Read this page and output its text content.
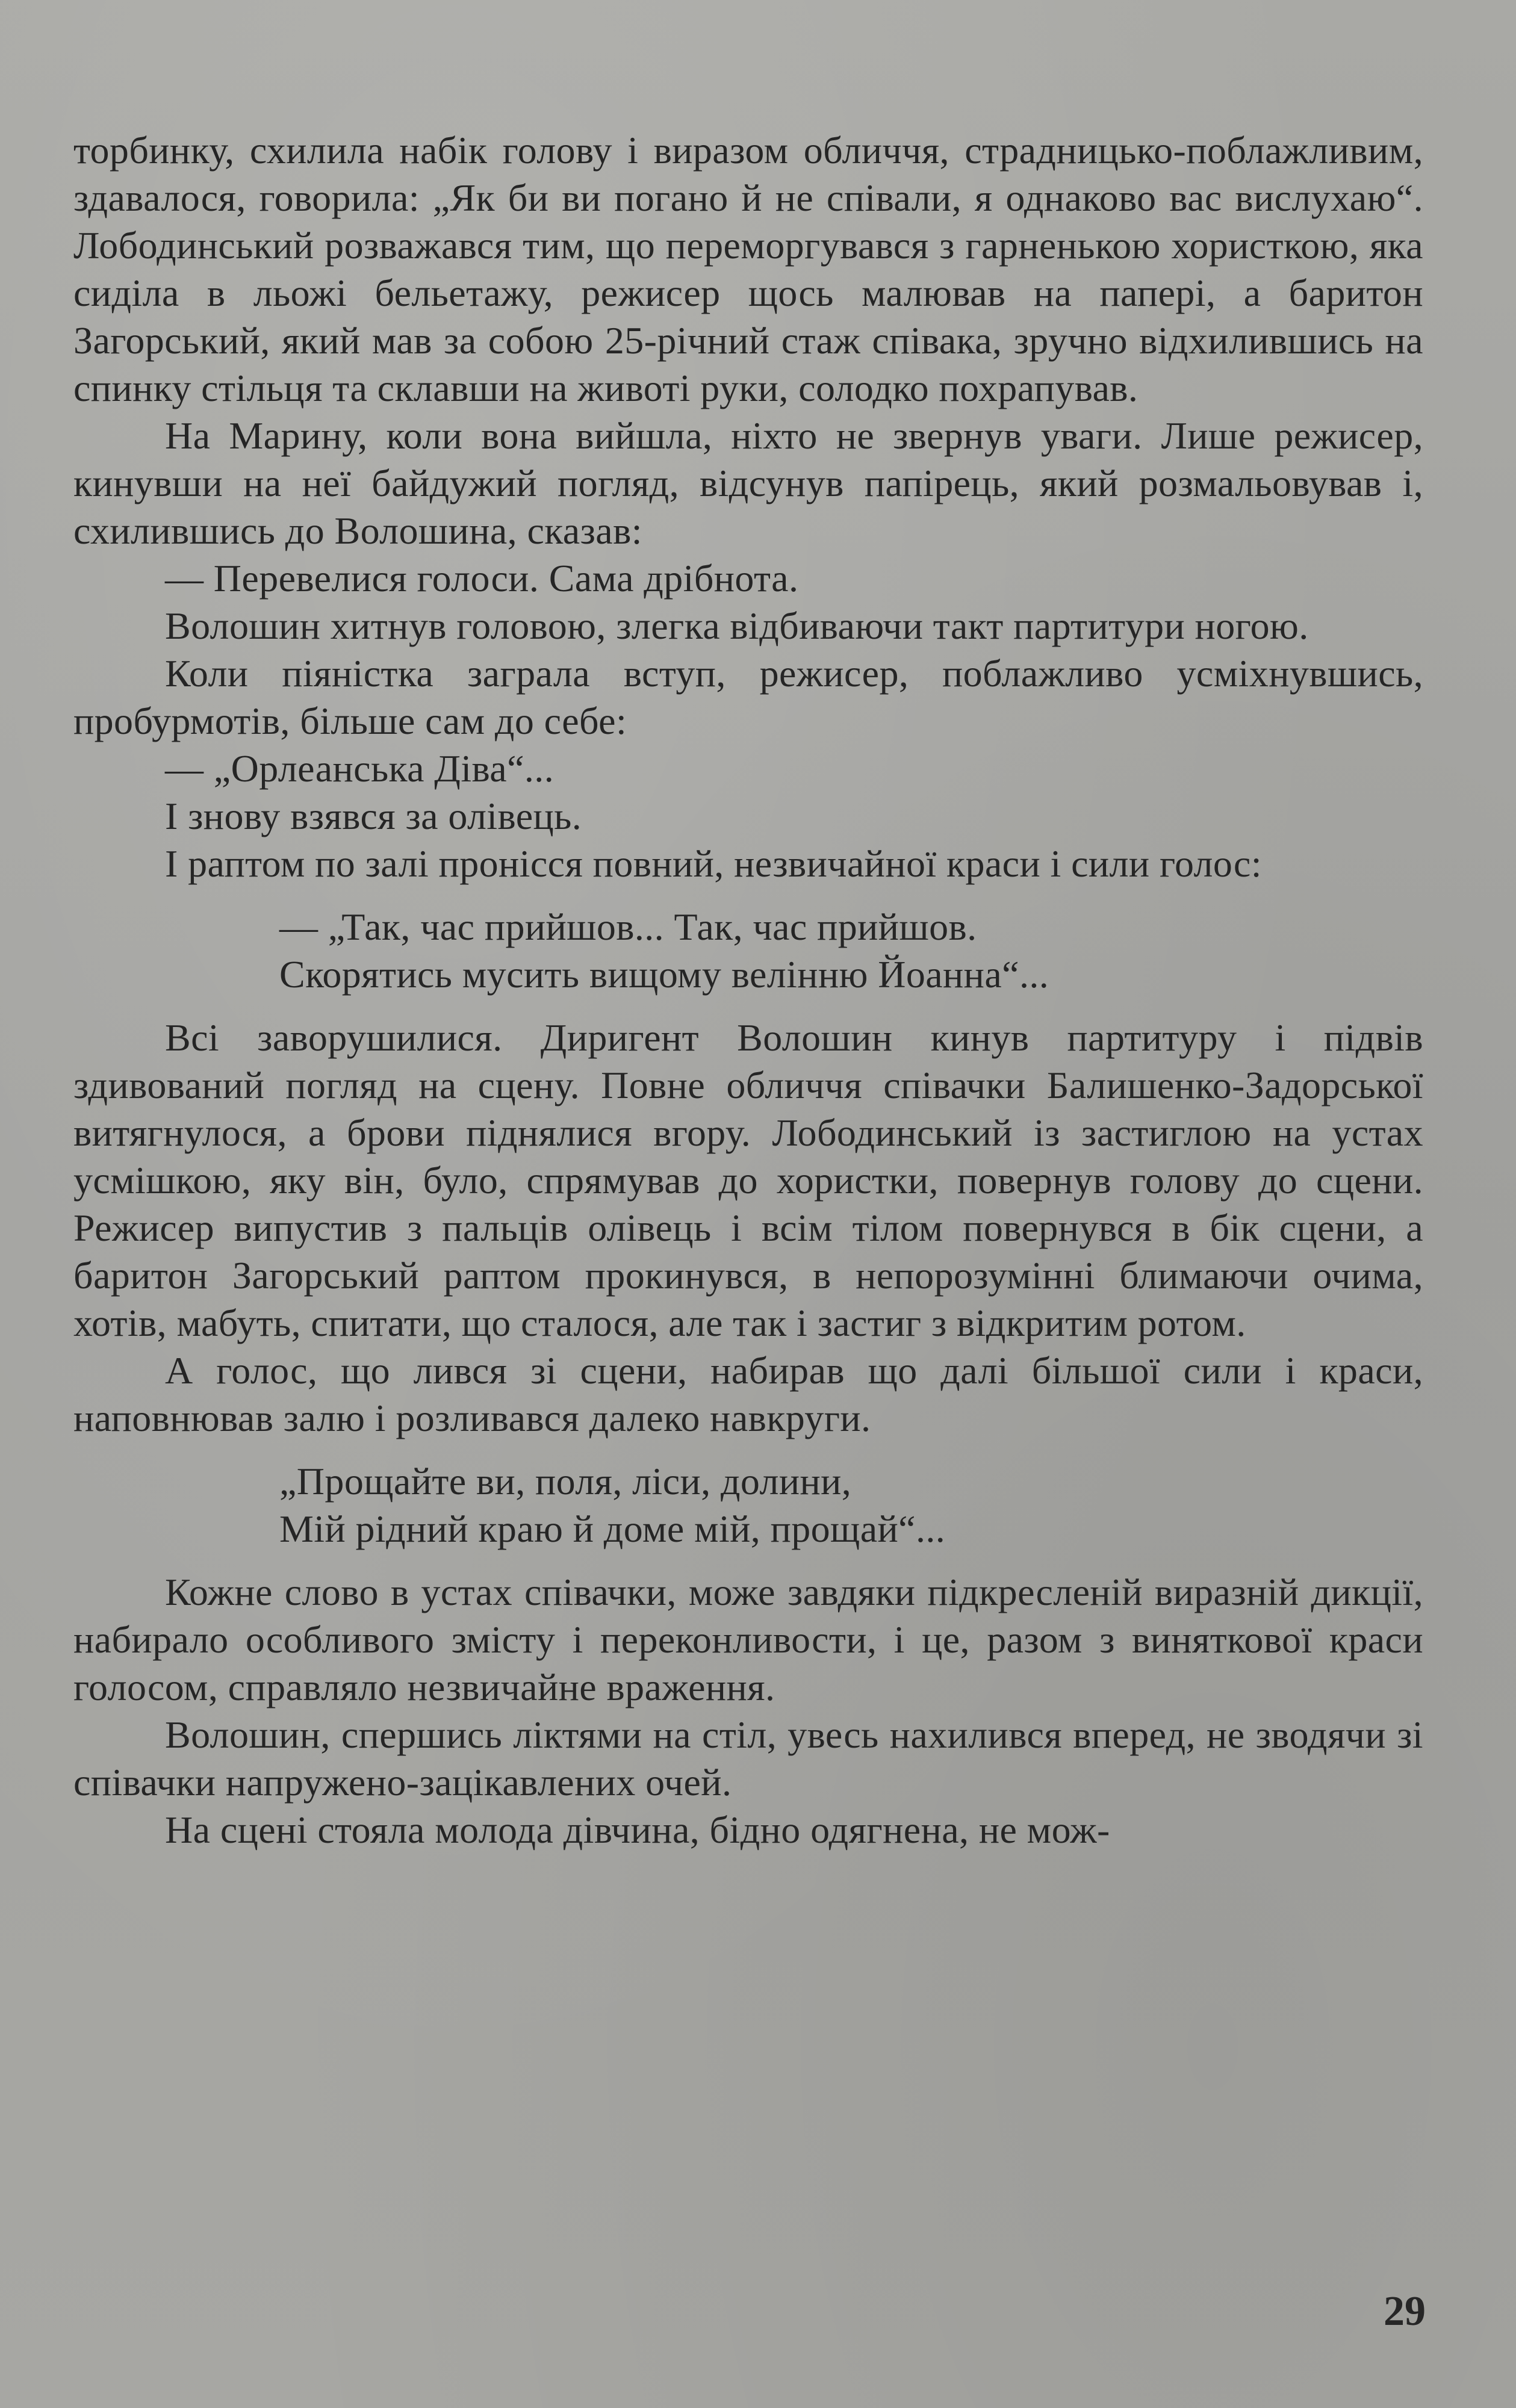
торбинку, схилила набік голову і виразом обличчя, страдницько-поблажливим, здавалося, говорила: „Як би ви погано й не співали, я однаково вас вислухаю“. Лободинський розважався тим, що переморгувався з гарненькою хористкою, яка сиділа в льожі бельетажу, режисер щось малював на папері, а баритон Загорський, який мав за собою 25-річний стаж співака, зручно відхилившись на спинку стільця та склавши на животі руки, солодко похрапував.

На Марину, коли вона вийшла, ніхто не звернув уваги. Лише режисер, кинувши на неї байдужий погляд, відсунув папірець, який розмальовував і, схилившись до Волошина, сказав:

— Перевелися голоси. Сама дрібнота.

Волошин хитнув головою, злегка відбиваючи такт партитури ногою.

Коли піяністка заграла вступ, режисер, поблажливо усміхнувшись, пробурмотів, більше сам до себе:

— „Орлеанська Діва“...

І знову взявся за олівець.

І раптом по залі пронісся повний, незвичайної краси і сили голос:

— „Так, час прийшов... Так, час прийшов.
Скорятись мусить вищому велінню Йоанна“...

Всі заворушилися. Диригент Волошин кинув партитуру і підвів здивований погляд на сцену. Повне обличчя співачки Балишенко-Задорської витягнулося, а брови піднялися вгору. Лободинський із застиглою на устах усмішкою, яку він, було, спрямував до хористки, повернув голову до сцени. Режисер випустив з пальців олівець і всім тілом повернувся в бік сцени, а баритон Загорський раптом прокинувся, в непорозумінні блимаючи очима, хотів, мабуть, спитати, що сталося, але так і застиг з відкритим ротом.

А голос, що лився зі сцени, набирав що далі більшої сили і краси, наповнював залю і розливався далеко навкруги.

„Прощайте ви, поля, ліси, долини,
Мій рідний краю й доме мій, прощай“...

Кожне слово в устах співачки, може завдяки підкресленій виразній дикції, набирало особливого змісту і переконливости, і це, разом з виняткової краси голосом, справляло незвичайне враження.

Волошин, спершись ліктями на стіл, увесь нахилився вперед, не зводячи зі співачки напружено-зацікавлених очей.

На сцені стояла молода дівчина, бідно одягнена, не мож-

29
